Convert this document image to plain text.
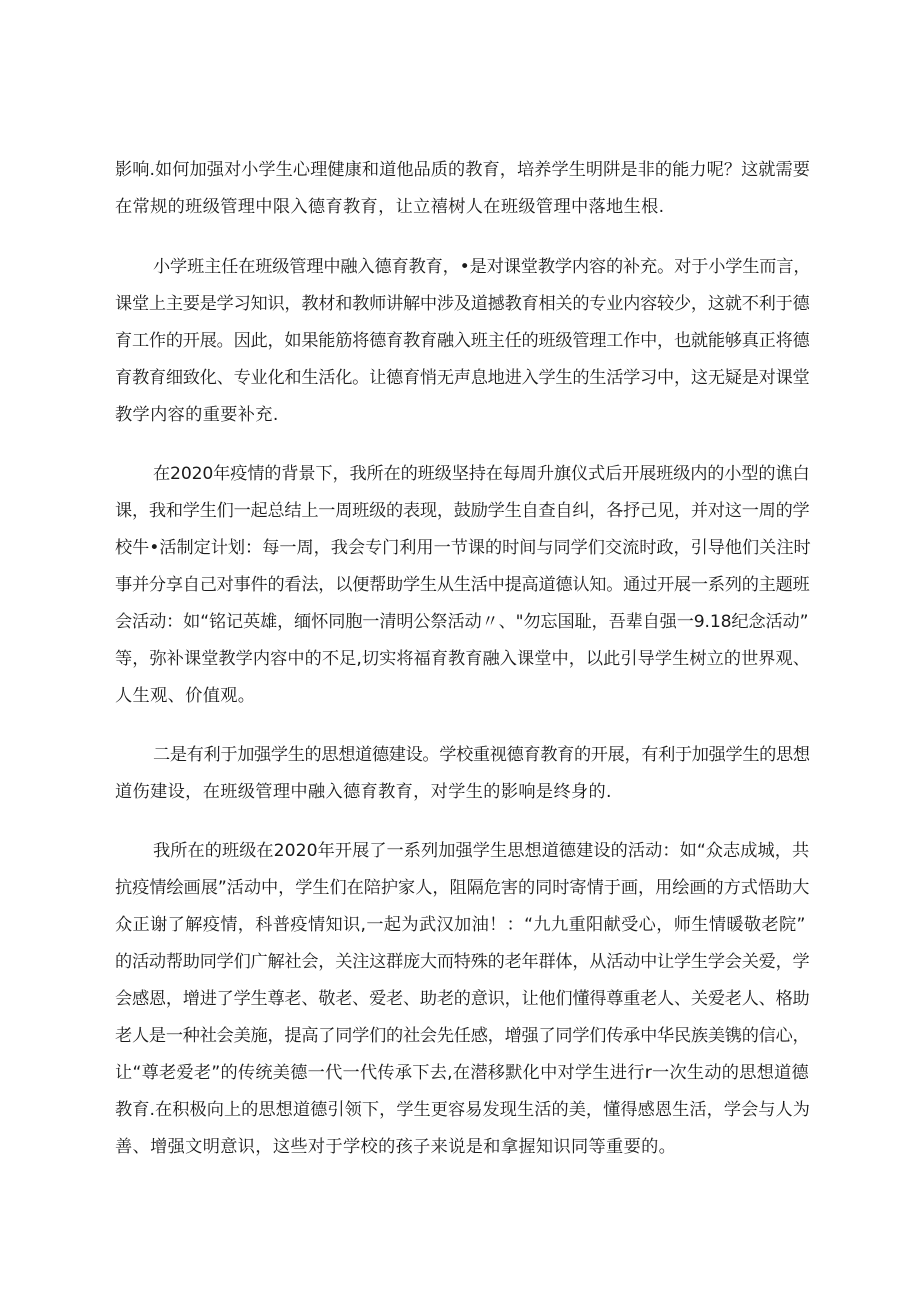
影响.如何加强对小学生心理健康和道他品质的教育，培养学生明阱是非的能力呢？这就需要
在常规的班级管理中限入德育教育，让立禧树人在班级管理中落地生根.
小学班主任在班级管理中融入德育教育，•是对课堂教学内容的补充。对于小学生而言，
课堂上主要是学习知识，教材和教师讲解中涉及道撼教育相关的专业内容较少，这就不利于德
育工作的开展。因此，如果能筋将德育教育融入班主任的班级管理工作中，也就能够真正将德
育教育细致化、专业化和生活化。让德育悄无声息地进入学生的生活学习中，这无疑是对课堂
教学内容的重要补充.
在2020年疫情的背景下，我所在的班级坚持在每周升旗仪式后开展班级内的小型的谯白
课，我和学生们一起总结上一周班级的表现，鼓励学生自查自纠，各抒己见，并对这一周的学
校牛•活制定计划：每一周，我会专门利用一节课的时间与同学们交流时政，引导他们关注时
事并分享自己对事件的看法，以便帮助学生从生活中提高道德认知。通过开展一系列的主题班
会活动：如“铭记英雄，缅怀同胞一清明公祭活动〃、"勿忘国耻，吾辈自强一9.18纪念活动”
等，弥补课堂教学内容中的不足,切实将福育教育融入课堂中，以此引导学生树立的世界观、
人生观、价值观。
二是有利于加强学生的思想道德建设。学校重视德育教育的开展，有利于加强学生的思想
道伤建设，在班级管理中融入德育教育，对学生的影响是终身的.
我所在的班级在2020年开展了一系列加强学生思想道德建设的活动：如“众志成城，共
抗疫情绘画展”活动中，学生们在陪护家人，阻隔危害的同时寄情于画，用绘画的方式悟助大
众正谢了解疫情，科普疫情知识,一起为武汉加油！：“九九重阳献受心，师生情暖敬老院”
的活动帮助同学们广解社会，关注这群庞大而特殊的老年群体，从活动中让学生学会关爱，学
会感恩，增进了学生尊老、敬老、爱老、助老的意识，让他们懂得尊重老人、关爱老人、格助
老人是一种社会美施，提高了同学们的社会先任感，增强了同学们传承中华民族美镌的信心，
让“尊老爱老”的传统美德一代一代传承下去,在潜移默化中对学生进行r一次生动的思想道德
教育.在积极向上的思想道德引领下，学生更容易发现生活的美，懂得感恩生活，学会与人为
善、增强文明意识，这些对于学校的孩子来说是和拿握知识同等重要的。
